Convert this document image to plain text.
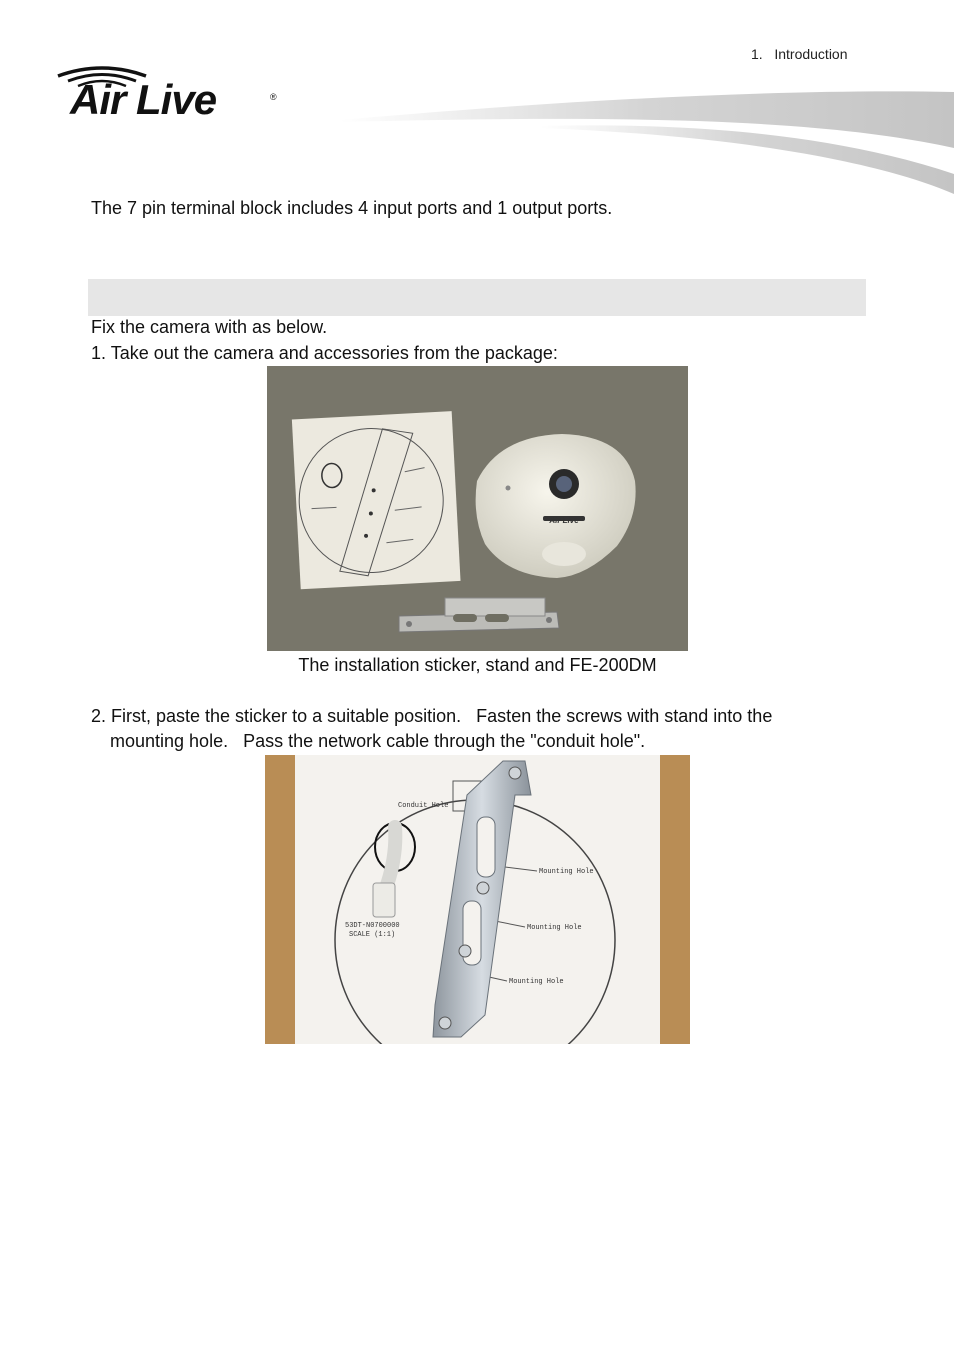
1.   Introduction
Air Live	®
The 7 pin terminal block includes 4 input ports and 1 output ports.
Fix the camera with as below.
1. Take out the camera and accessories from the package:
Air Live
The installation sticker, stand and FE-200DM
2. First, paste the sticker to a suitable position.   Fasten the screws with stand into the
mounting hole.   Pass the network cable through the "conduit hole".
Conduit Hole
Mounting Hole
Mounting Hole
Mounting Hole
53DT-N0700000
SCALE (1:1)
